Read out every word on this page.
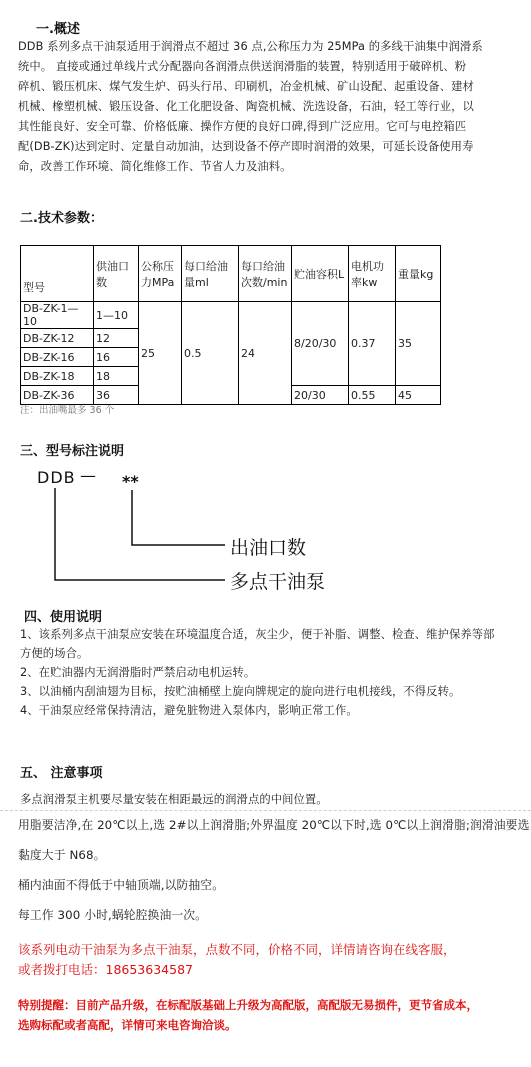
一.概述
DDB 系列多点干油泵适用于润滑点不超过 36 点,公称压力为 25MPa 的多线干油集中润滑系
统中。 直接或通过单线片式分配器向各润滑点供送润滑脂的装置，特别适用于破碎机、粉
碎机、锻压机床、煤气发生炉、码头行吊、印刷机，冶金机械、矿山设配、起重设备、建材
机械、橡塑机械、锻压设备、化工化肥设备、陶瓷机械、洗选设备，石油，轻工等行业，以
其性能良好、安全可靠、价格低廉、操作方便的良好口碑,得到广泛应用。它可与电控箱匹
配(DB-ZK)达到定时、定量自动加油，达到设备不停产即时润滑的效果，可延长设备使用寿
命，改善工作环境、简化维修工作、节省人力及油料。
二.技术参数：
型号	供油口数	公称压力MPa	每口给油量ml	每口给油次数/min	贮油容积L	电机功率kw	重量kg
DB-ZK-1—10	1—10	25	0.5	24	8/20/30	0.37	35
DB-ZK-12	12						
DB-ZK-16	16						
DB-ZK-18	18						
DB-ZK-36	36				20/30	0.55	45
注：出油嘴最多 36 个
三、型号标注说明
DDB — **
出油口数
多点干油泵
四、使用说明
1、该系列多点干油泵应安装在环境温度合适，灰尘少，便于补脂、调整、检查、维护保养等部
方便的场合。
2、在贮油器内无润滑脂时严禁启动电机运转。
3、以油桶内刮油翅为目标，按贮油桶壁上旋向牌规定的旋向进行电机接线，不得反转。
4、干油泵应经常保持清洁，避免脏物进入泵体内，影响正常工作。
五、 注意事项
多点润滑泵主机要尽量安装在相距最远的润滑点的中间位置。
用脂要洁净,在 20℃以上,选 2#以上润滑脂;外界温度 20℃以下时,选 0℃以上润滑脂;润滑油要选
黏度大于 N68。
桶内油面不得低于中轴顶端,以防抽空。
每工作 300 小时,蜗轮腔换油一次。
该系列电动干油泵为多点干油泵，点数不同，价格不同，详情请咨询在线客服，
或者拨打电话：18653634587
特别提醒：目前产品升级，在标配版基础上升级为高配版，高配版无易损件，更节省成本，
选购标配或者高配，详情可来电咨询洽谈。
